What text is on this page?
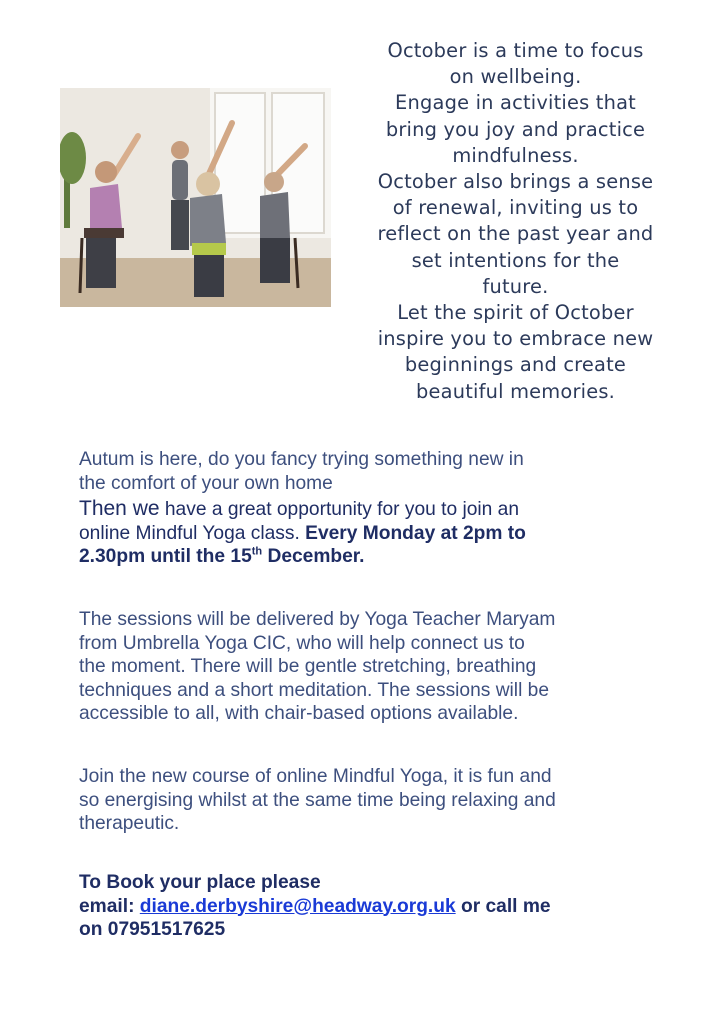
October is a time to focus
on wellbeing.
Engage in activities that
bring you joy and practice
mindfulness.
October also brings a sense
of renewal, inviting us to
reflect on the past year and
set intentions for the
future.
Let the spirit of October
inspire you to embrace new
beginnings and create
beautiful memories.
Autum is here, do you fancy trying something new in
the comfort of your own home
Then we have a great opportunity for you to join an
online Mindful Yoga class. Every Monday at 2pm to
2.30pm until the 15th December.
The sessions will be delivered by Yoga Teacher Maryam
from Umbrella Yoga CIC, who will help connect us to
the moment. There will be gentle stretching, breathing
techniques and a short meditation. The sessions will be
accessible to all, with chair-based options available.
Join the new course of online Mindful Yoga, it is fun and
so energising whilst at the same time being relaxing and
therapeutic.
To Book your place please
email: diane.derbyshire@headway.org.uk or call me
on 07951517625
